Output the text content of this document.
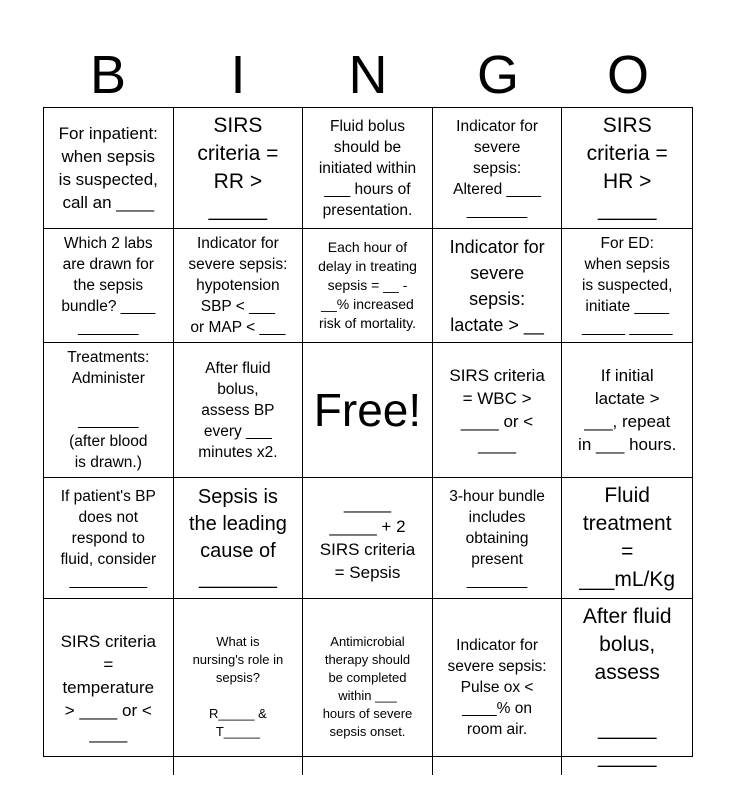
B	I	N	G	O
For inpatient:
when sepsis
is suspected,
call an ____
SIRS
criteria =
RR >
_____
Fluid bolus
should be
initiated within
___ hours of
presentation.
Indicator for
severe
sepsis:
Altered ____
_______
SIRS
criteria =
HR >
_____
Which 2 labs
are drawn for
the sepsis
bundle? ____
_______
Indicator for
severe sepsis:
hypotension
SBP < ___
or MAP < ___
Each hour of
delay in treating
sepsis = __ -
__% increased
risk of mortality.
Indicator for
severe
sepsis:
lactate > __
For ED:
when sepsis
is suspected,
initiate ____
_____ _____
Treatments:
Administer

_______
(after blood
is drawn.)
After fluid
bolus,
assess BP
every ___
minutes x2.
Free!
SIRS criteria
= WBC >
____ or <
____
If initial
lactate >
___, repeat
in ___ hours.
If patient's BP
does not
respond to
fluid, consider
_________
Sepsis is
the leading
cause of
_______
_____
_____ + 2
SIRS criteria
= Sepsis
3-hour bundle
includes
obtaining
present
_______
Fluid
treatment
=
___mL/Kg
SIRS criteria
=
temperature
> ____ or <
____
What is
nursing's role in
sepsis?

R_____ &
T_____
Antimicrobial
therapy should
be completed
within ___
hours of severe
sepsis onset.
Indicator for
severe sepsis:
Pulse ox <
____% on
room air.
After fluid
bolus,
assess

_____ _____
